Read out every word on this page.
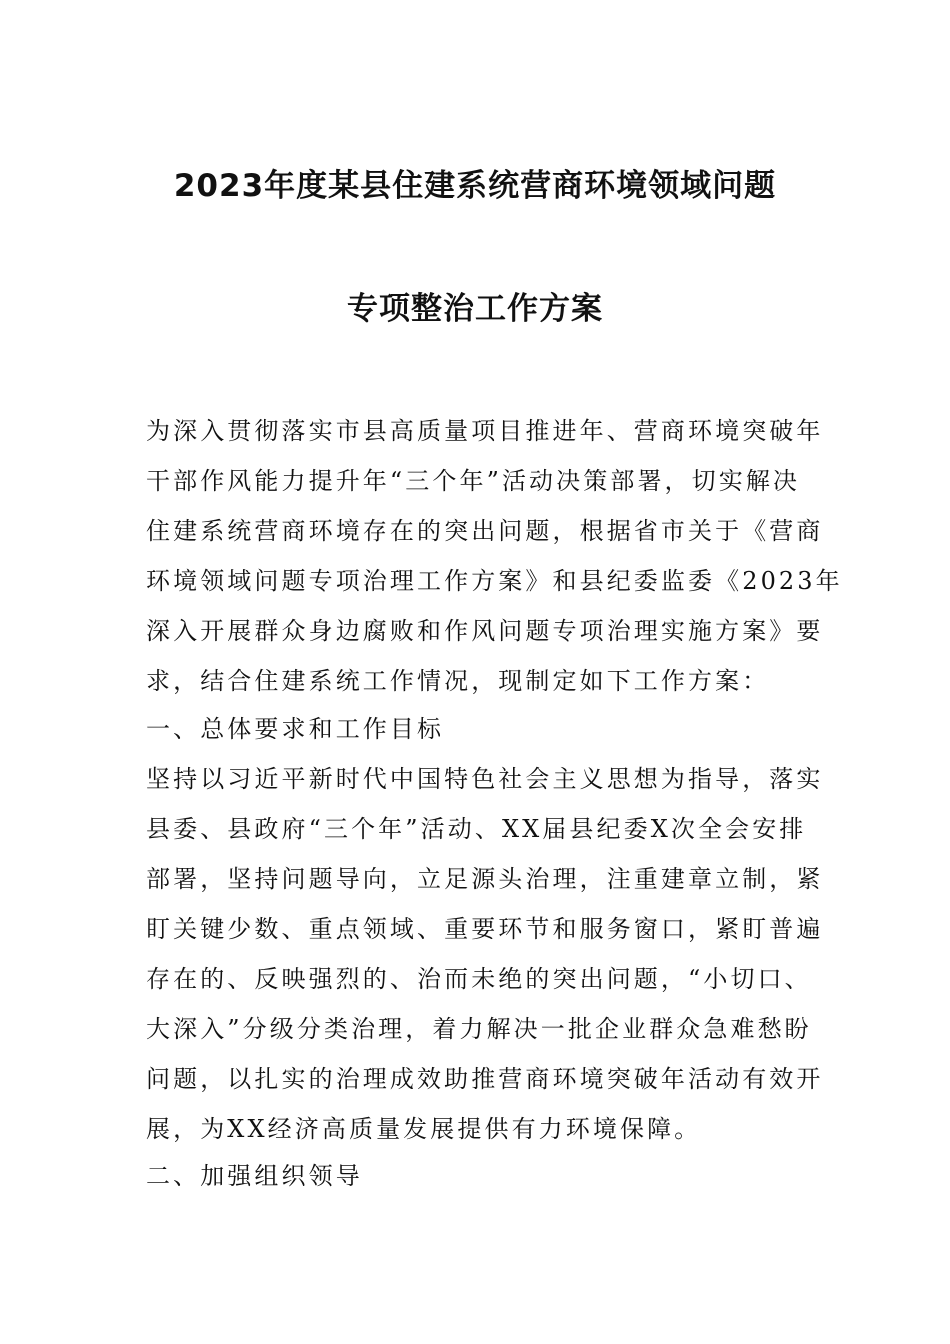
2023年度某县住建系统营商环境领域问题
专项整治工作方案
为深入贯彻落实市县高质量项目推进年、营商环境突破年
干部作风能力提升年“三个年”活动决策部署，切实解决
住建系统营商环境存在的突出问题，根据省市关于《营商
环境领域问题专项治理工作方案》和县纪委监委《2023年
深入开展群众身边腐败和作风问题专项治理实施方案》要
求，结合住建系统工作情况，现制定如下工作方案：
一、总体要求和工作目标
坚持以习近平新时代中国特色社会主义思想为指导，落实
县委、县政府“三个年”活动、XX届县纪委X次全会安排
部署，坚持问题导向，立足源头治理，注重建章立制，紧
盯关键少数、重点领域、重要环节和服务窗口，紧盯普遍
存在的、反映强烈的、治而未绝的突出问题，“小切口、
大深入”分级分类治理，着力解决一批企业群众急难愁盼
问题，以扎实的治理成效助推营商环境突破年活动有效开
展，为XX经济高质量发展提供有力环境保障。
二、加强组织领导
